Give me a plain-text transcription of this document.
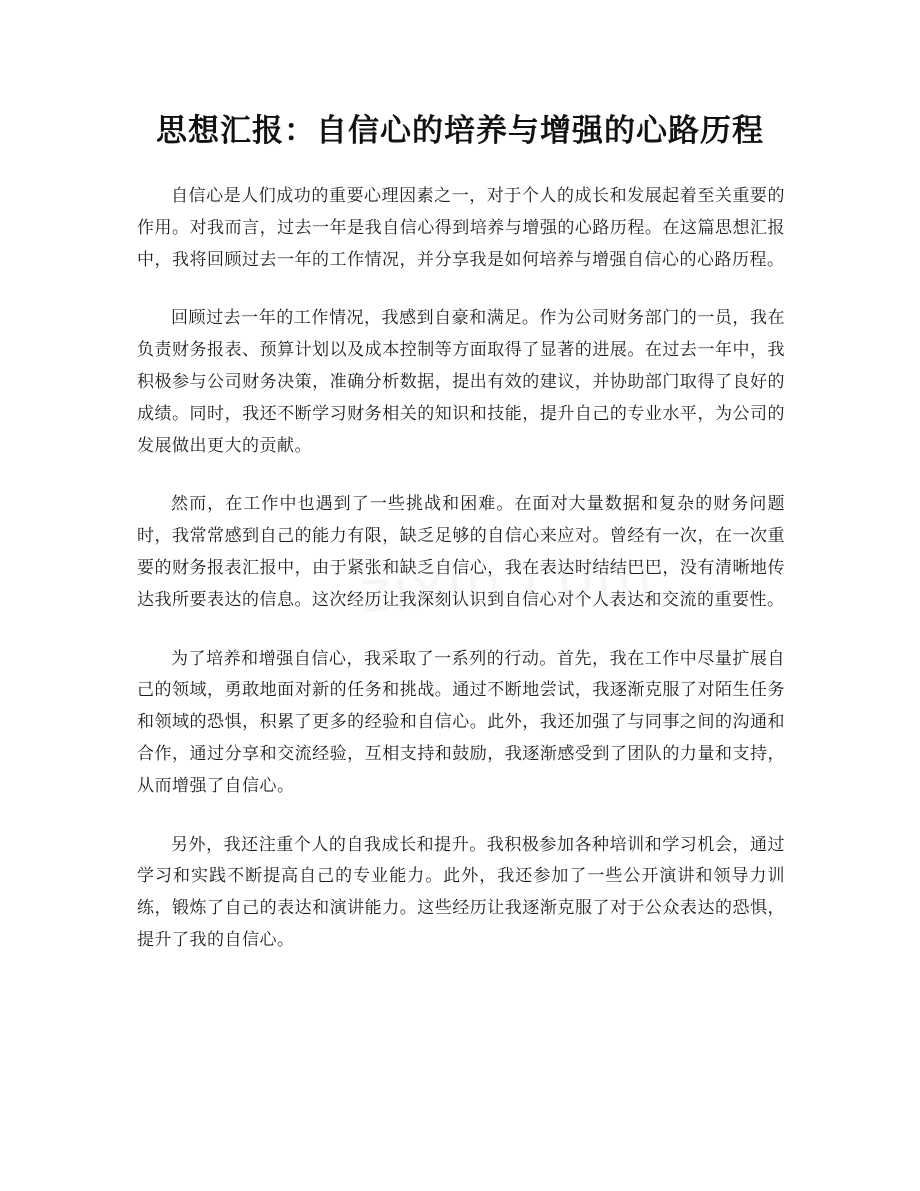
思想汇报：自信心的培养与增强的心路历程

自信心是人们成功的重要心理因素之一，对于个人的成长和发展起着至关重要的作用。对我而言，过去一年是我自信心得到培养与增强的心路历程。在这篇思想汇报中，我将回顾过去一年的工作情况，并分享我是如何培养与增强自信心的心路历程。

回顾过去一年的工作情况，我感到自豪和满足。作为公司财务部门的一员，我在负责财务报表、预算计划以及成本控制等方面取得了显著的进展。在过去一年中，我积极参与公司财务决策，准确分析数据，提出有效的建议，并协助部门取得了良好的成绩。同时，我还不断学习财务相关的知识和技能，提升自己的专业水平，为公司的发展做出更大的贡献。

然而，在工作中也遇到了一些挑战和困难。在面对大量数据和复杂的财务问题时，我常常感到自己的能力有限，缺乏足够的自信心来应对。曾经有一次，在一次重要的财务报表汇报中，由于紧张和缺乏自信心，我在表达时结结巴巴，没有清晰地传达我所要表达的信息。这次经历让我深刻认识到自信心对个人表达和交流的重要性。

为了培养和增强自信心，我采取了一系列的行动。首先，我在工作中尽量扩展自己的领域，勇敢地面对新的任务和挑战。通过不断地尝试，我逐渐克服了对陌生任务和领域的恐惧，积累了更多的经验和自信心。此外，我还加强了与同事之间的沟通和合作，通过分享和交流经验，互相支持和鼓励，我逐渐感受到了团队的力量和支持，从而增强了自信心。

另外，我还注重个人的自我成长和提升。我积极参加各种培训和学习机会，通过学习和实践不断提高自己的专业能力。此外，我还参加了一些公开演讲和领导力训练，锻炼了自己的表达和演讲能力。这些经历让我逐渐克服了对于公众表达的恐惧，提升了我的自信心。
